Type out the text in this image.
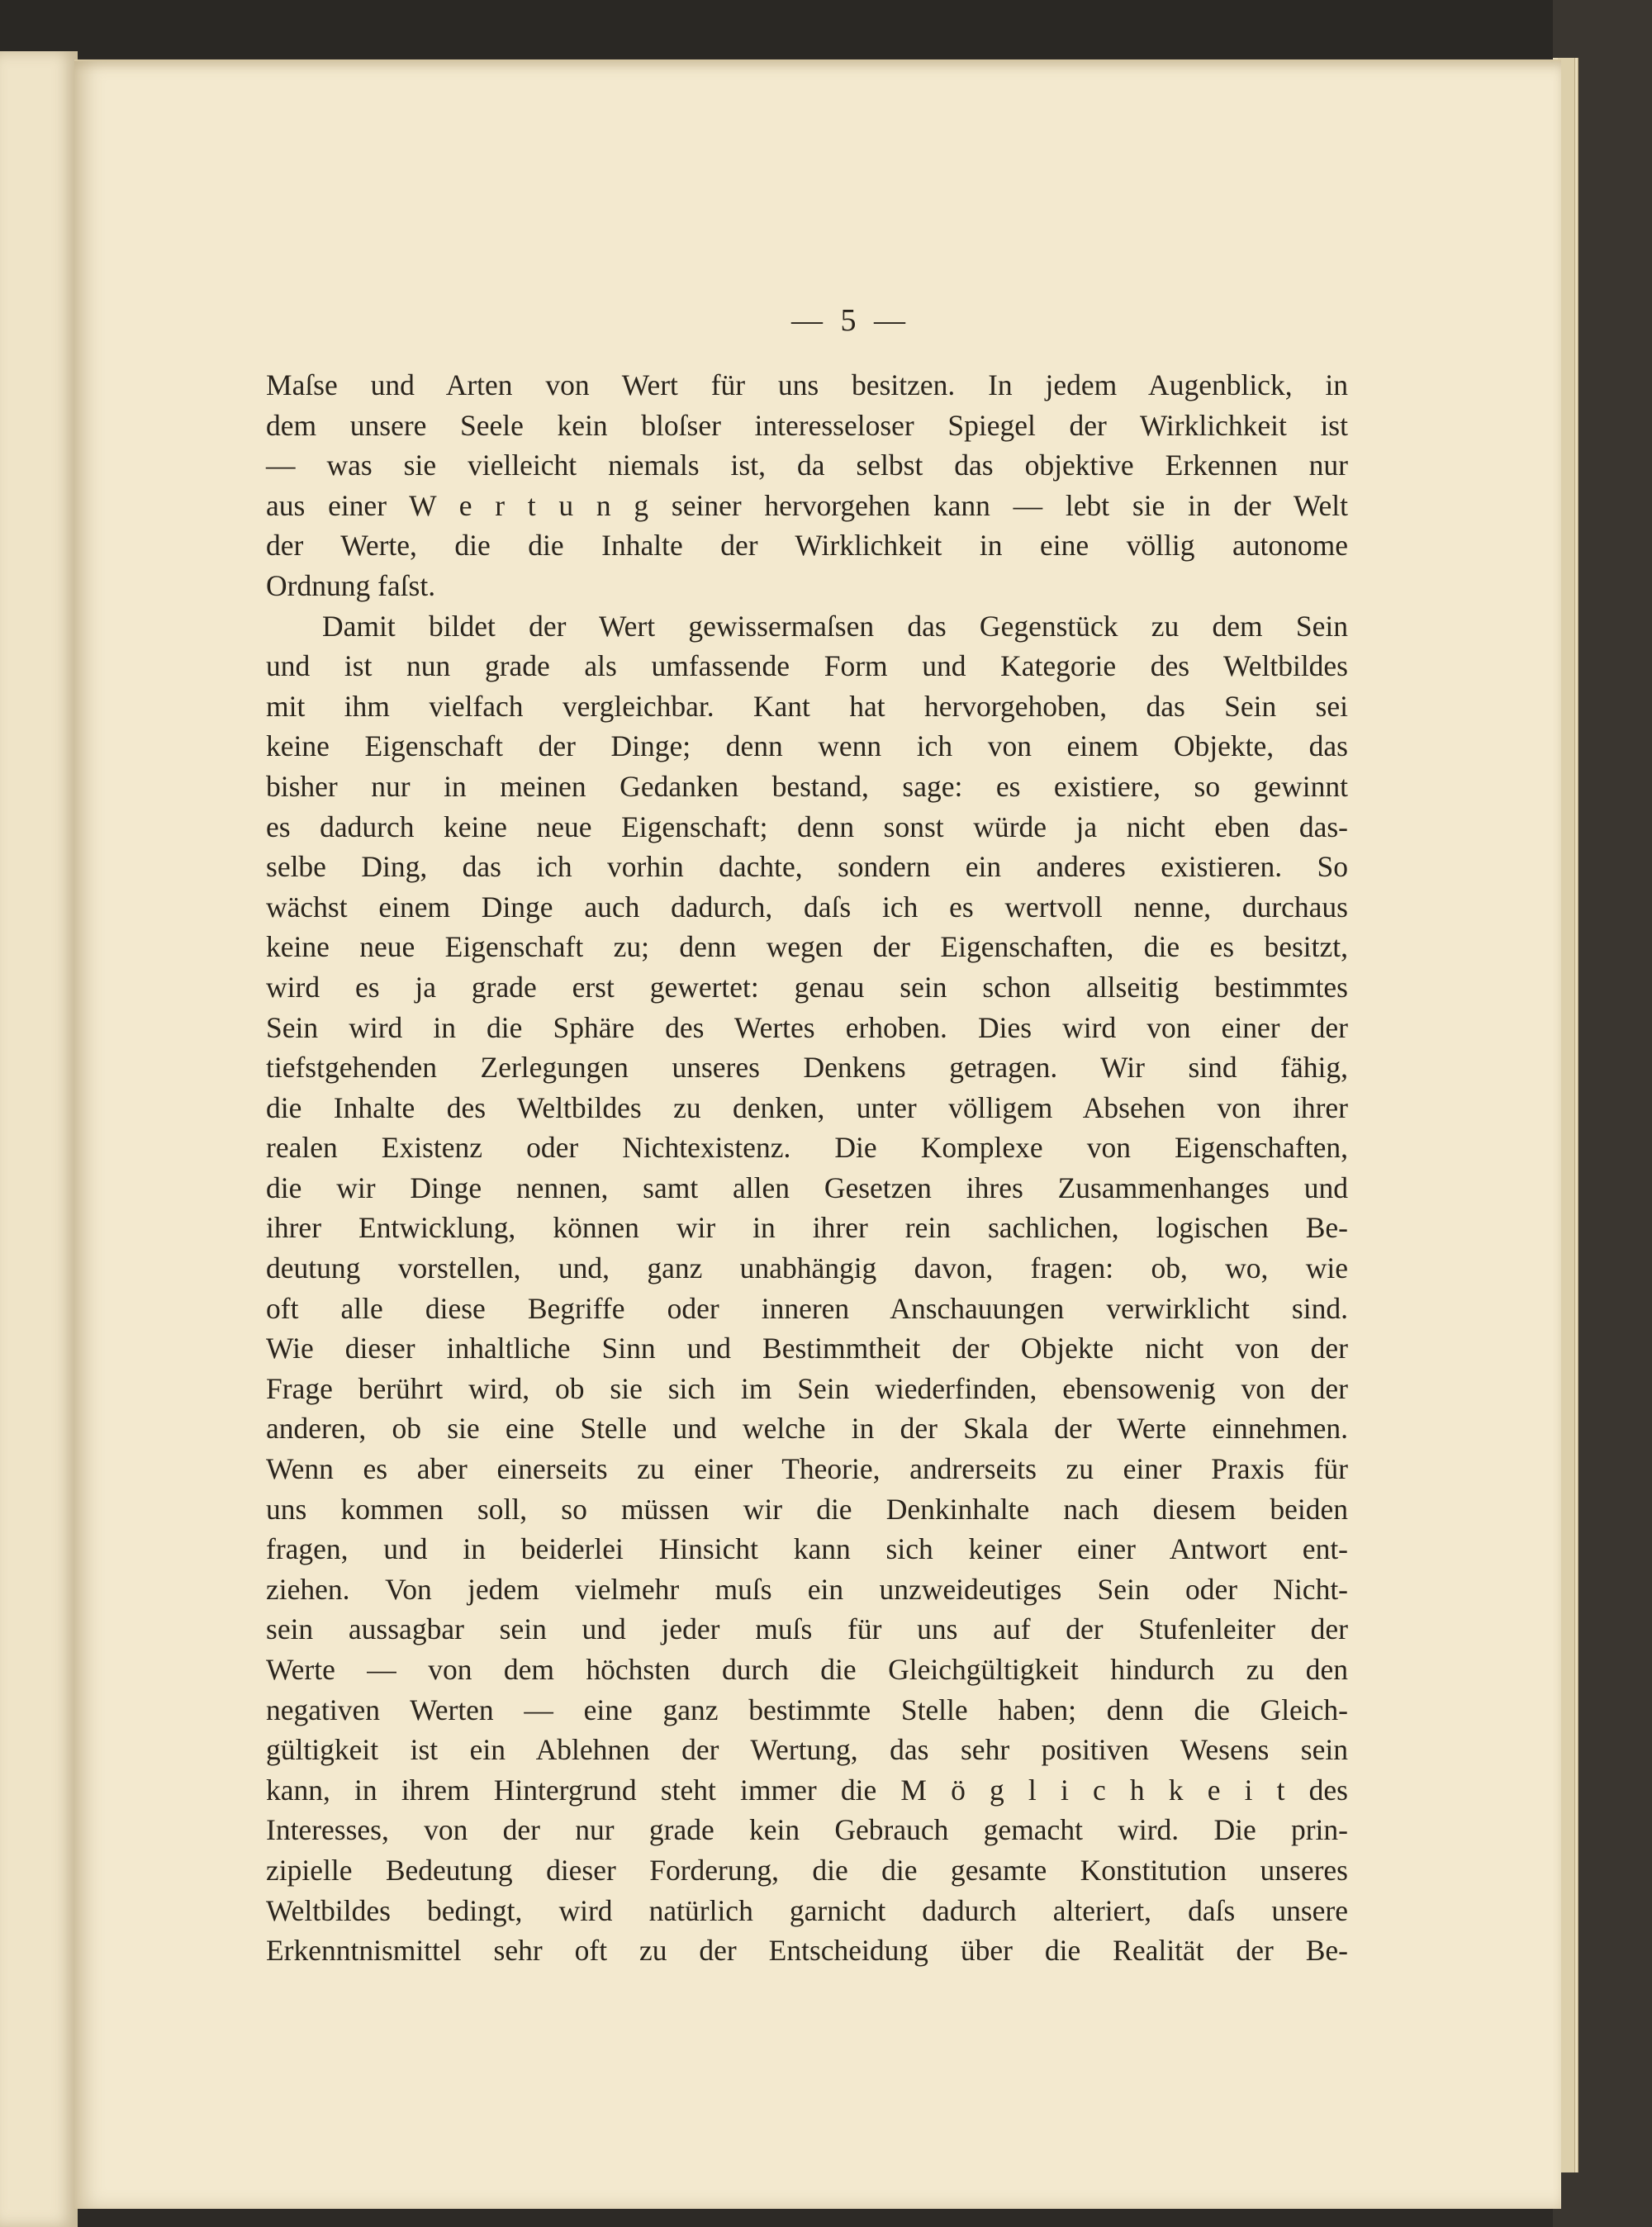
— 5 —
Maſse und Arten von Wert für uns besitzen. In jedem Augenblick, in
dem unsere Seele kein bloſser interesseloser Spiegel der Wirklichkeit ist
— was sie vielleicht niemals ist, da selbst das objektive Erkennen nur
aus einer W e r t u n g seiner hervorgehen kann — lebt sie in der Welt
der Werte, die die Inhalte der Wirklichkeit in eine völlig autonome
Ordnung faſst.
Damit bildet der Wert gewissermaſsen das Gegenstück zu dem Sein
und ist nun grade als umfassende Form und Kategorie des Weltbildes
mit ihm vielfach vergleichbar. Kant hat hervorgehoben, das Sein sei
keine Eigenschaft der Dinge; denn wenn ich von einem Objekte, das
bisher nur in meinen Gedanken bestand, sage: es existiere, so gewinnt
es dadurch keine neue Eigenschaft; denn sonst würde ja nicht eben das-
selbe Ding, das ich vorhin dachte, sondern ein anderes existieren. So
wächst einem Dinge auch dadurch, daſs ich es wertvoll nenne, durchaus
keine neue Eigenschaft zu; denn wegen der Eigenschaften, die es besitzt,
wird es ja grade erst gewertet: genau sein schon allseitig bestimmtes
Sein wird in die Sphäre des Wertes erhoben. Dies wird von einer der
tiefstgehenden Zerlegungen unseres Denkens getragen. Wir sind fähig,
die Inhalte des Weltbildes zu denken, unter völligem Absehen von ihrer
realen Existenz oder Nichtexistenz. Die Komplexe von Eigenschaften,
die wir Dinge nennen, samt allen Gesetzen ihres Zusammenhanges und
ihrer Entwicklung, können wir in ihrer rein sachlichen, logischen Be-
deutung vorstellen, und, ganz unabhängig davon, fragen: ob, wo, wie
oft alle diese Begriffe oder inneren Anschauungen verwirklicht sind.
Wie dieser inhaltliche Sinn und Bestimmtheit der Objekte nicht von der
Frage berührt wird, ob sie sich im Sein wiederfinden, ebensowenig von der
anderen, ob sie eine Stelle und welche in der Skala der Werte einnehmen.
Wenn es aber einerseits zu einer Theorie, andrerseits zu einer Praxis für
uns kommen soll, so müssen wir die Denkinhalte nach diesem beiden
fragen, und in beiderlei Hinsicht kann sich keiner einer Antwort ent-
ziehen. Von jedem vielmehr muſs ein unzweideutiges Sein oder Nicht-
sein aussagbar sein und jeder muſs für uns auf der Stufenleiter der
Werte — von dem höchsten durch die Gleichgültigkeit hindurch zu den
negativen Werten — eine ganz bestimmte Stelle haben; denn die Gleich-
gültigkeit ist ein Ablehnen der Wertung, das sehr positiven Wesens sein
kann, in ihrem Hintergrund steht immer die M ö g l i c h k e i t des
Interesses, von der nur grade kein Gebrauch gemacht wird. Die prin-
zipielle Bedeutung dieser Forderung, die die gesamte Konstitution unseres
Weltbildes bedingt, wird natürlich garnicht dadurch alteriert, daſs unsere
Erkenntnismittel sehr oft zu der Entscheidung über die Realität der Be-
